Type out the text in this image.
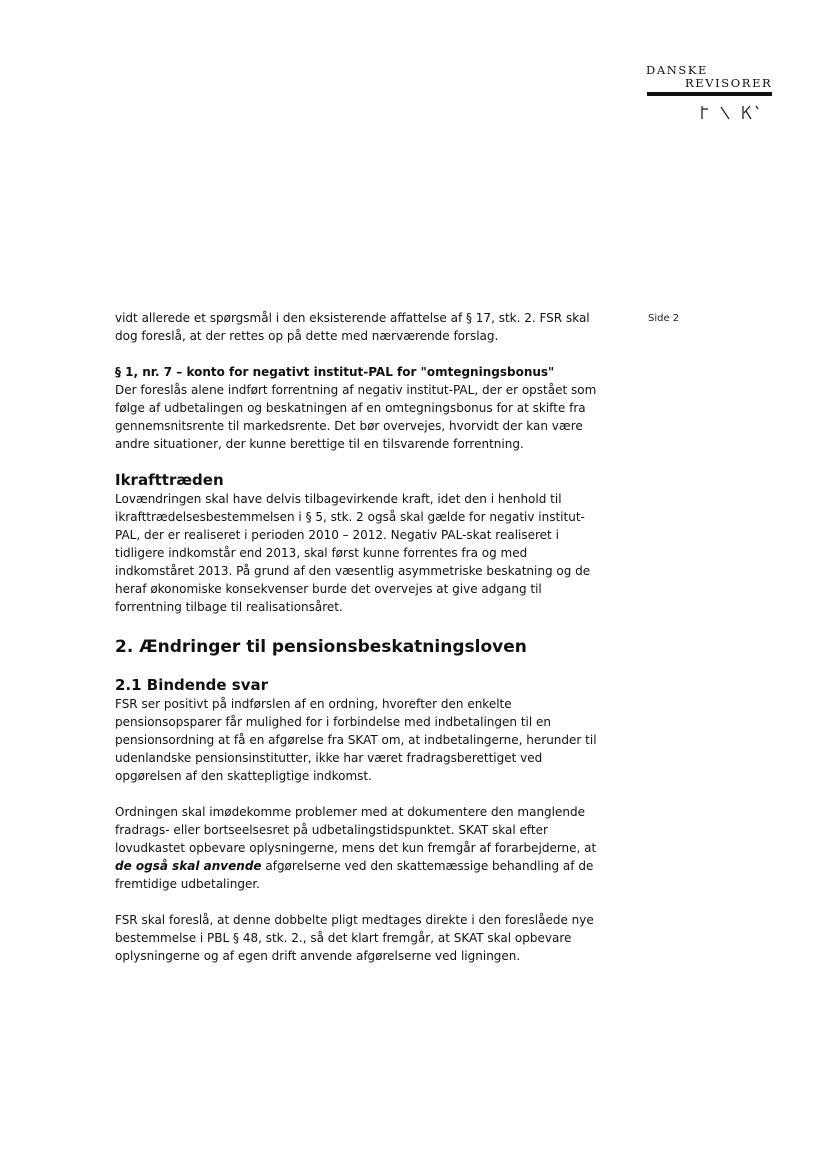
DANSKE
REVISORER
Side 2

vidt allerede et spørgsmål i den eksisterende affattelse af § 17, stk. 2. FSR skal
dog foreslå, at der rettes op på dette med nærværende forslag.

§ 1, nr. 7 – konto for negativt institut-PAL for "omtegningsbonus"

Der foreslås alene indført forrentning af negativ institut-PAL, der er opstået som
følge af udbetalingen og beskatningen af en omtegningsbonus for at skifte fra
gennemsnitsrente til markedsrente. Det bør overvejes, hvorvidt der kan være
andre situationer, der kunne berettige til en tilsvarende forrentning.

Ikrafttræden

Lovændringen skal have delvis tilbagevirkende kraft, idet den i henhold til
ikrafttrædelsesbestemmelsen i § 5, stk. 2 også skal gælde for negativ institut-
PAL, der er realiseret i perioden 2010 – 2012. Negativ PAL-skat realiseret i
tidligere indkomstår end 2013, skal først kunne forrentes fra og med
indkomståret 2013. På grund af den væsentlig asymmetriske beskatning og de
heraf økonomiske konsekvenser burde det overvejes at give adgang til
forrentning tilbage til realisationsåret.

2. Ændringer til pensionsbeskatningsloven

2.1 Bindende svar

FSR ser positivt på indførslen af en ordning, hvorefter den enkelte
pensionsopsparer får mulighed for i forbindelse med indbetalingen til en
pensionsordning at få en afgørelse fra SKAT om, at indbetalingerne, herunder til
udenlandske pensionsinstitutter, ikke har været fradragsberettiget ved
opgørelsen af den skattepligtige indkomst.

Ordningen skal imødekomme problemer med at dokumentere den manglende
fradrags- eller bortseelsesret på udbetalingstidspunktet. SKAT skal efter
lovudkastet opbevare oplysningerne, mens det kun fremgår af forarbejderne, at
de også skal anvende afgørelserne ved den skattemæssige behandling af de
fremtidige udbetalinger.

FSR skal foreslå, at denne dobbelte pligt medtages direkte i den foreslåede nye
bestemmelse i PBL § 48, stk. 2., så det klart fremgår, at SKAT skal opbevare
oplysningerne og af egen drift anvende afgørelserne ved ligningen.
